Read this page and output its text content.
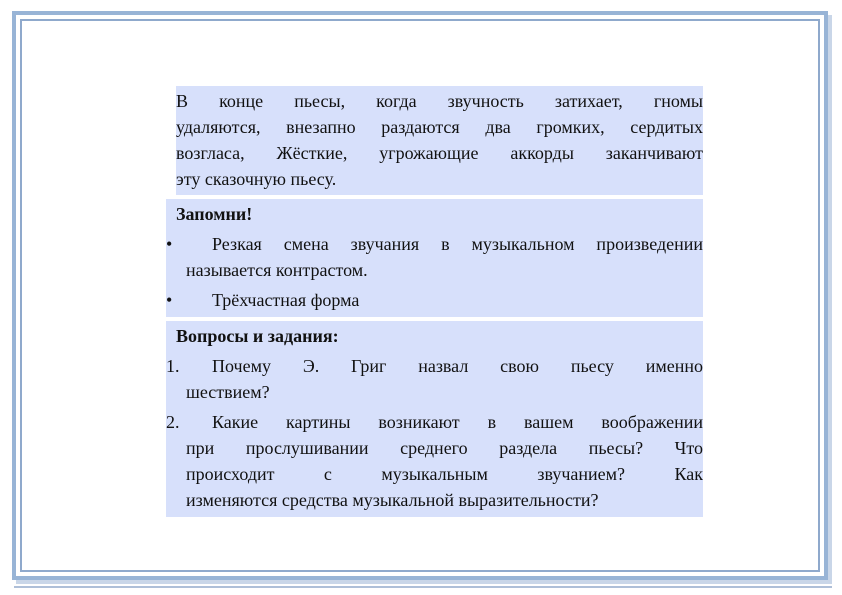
В конце пьесы, когда звучность затихает, гномы
удаляются, внезапно раздаются два громких, сердитых
возгласа, Жёсткие, угрожающие аккорды заканчивают
эту сказочную пьесу.
Запомни!
•	Резкая смена звучания в музыкальном произведении
называется контрастом.
•	Трёхчастная форма
Вопросы и задания:
1.	Почему Э. Григ назвал свою пьесу именно
шествием?
2.	Какие картины возникают в вашем воображении
при прослушивании среднего раздела пьесы? Что
происходит с музыкальным звучанием? Как
изменяются средства музыкальной выразительности?
